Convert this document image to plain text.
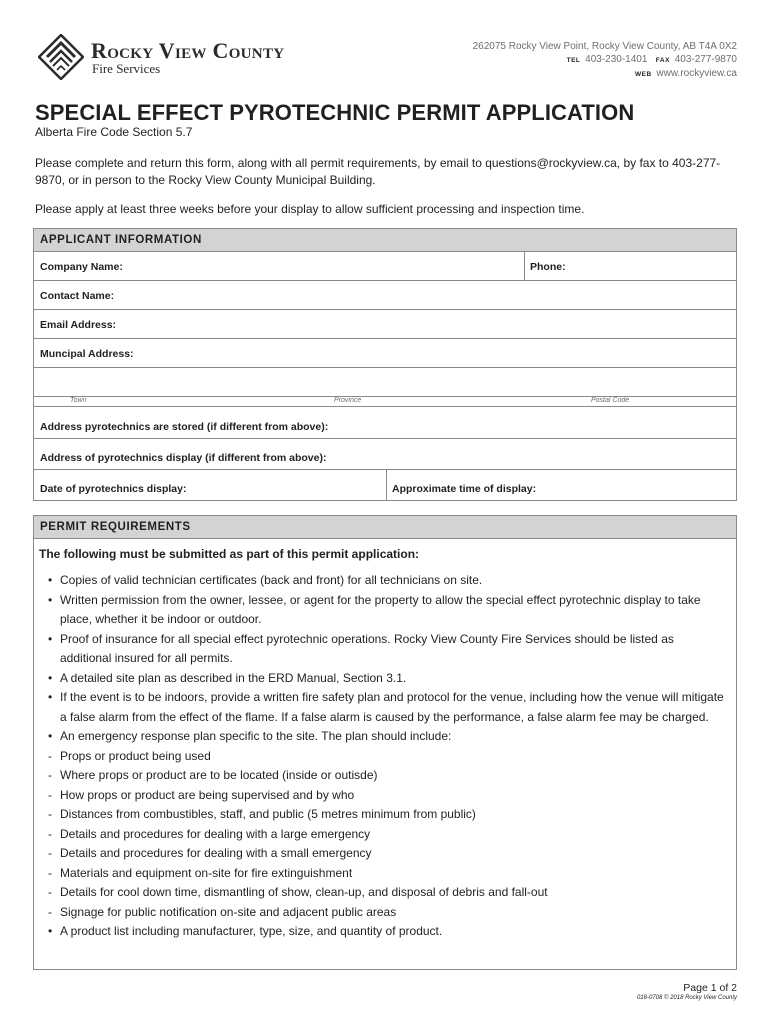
Rocky View County
Fire Services
262075 Rocky View Point, Rocky View County, AB T4A 0X2
TEL 403-230-1401 FAX 403-277-9870
WEB www.rockyview.ca
SPECIAL EFFECT PYROTECHNIC PERMIT APPLICATION
Alberta Fire Code Section 5.7
Please complete and return this form, along with all permit requirements, by email to questions@rockyview.ca, by fax to 403-277-9870, or in person to the Rocky View County Municipal Building.
Please apply at least three weeks before your display to allow sufficient processing and inspection time.
APPLICANT INFORMATION
Company Name:	Phone:
Contact Name:
Email Address:
Muncipal Address:
Town	Province	Postal Code
Address pyrotechnics are stored (if different from above):
Address of pyrotechnics display (if different from above):
Date of pyrotechnics display:	Approximate time of display:
PERMIT REQUIREMENTS
The following must be submitted as part of this permit application:
• Copies of valid technician certificates (back and front) for all technicians on site.
• Written permission from the owner, lessee, or agent for the property to allow the special effect pyrotechnic display to take place, whether it be indoor or outdoor.
• Proof of insurance for all special effect pyrotechnic operations. Rocky View County Fire Services should be listed as additional insured for all permits.
• A detailed site plan as described in the ERD Manual, Section 3.1.
• If the event is to be indoors, provide a written fire safety plan and protocol for the venue, including how the venue will mitigate a false alarm from the effect of the flame. If a false alarm is caused by the performance, a false alarm fee may be charged.
• An emergency response plan specific to the site. The plan should include:
- Props or product being used
- Where props or product are to be located (inside or outisde)
- How props or product are being supervised and by who
- Distances from combustibles, staff, and public (5 metres minimum from public)
- Details and procedures for dealing with a large emergency
- Details and procedures for dealing with a small emergency
- Materials and equipment on-site for fire extinguishment
- Details for cool down time, dismantling of show, clean-up, and disposal of debris and fall-out
- Signage for public notification on-site and adjacent public areas
• A product list including manufacturer, type, size, and quantity of product.
Page 1 of 2
018-0708 © 2018 Rocky View County
